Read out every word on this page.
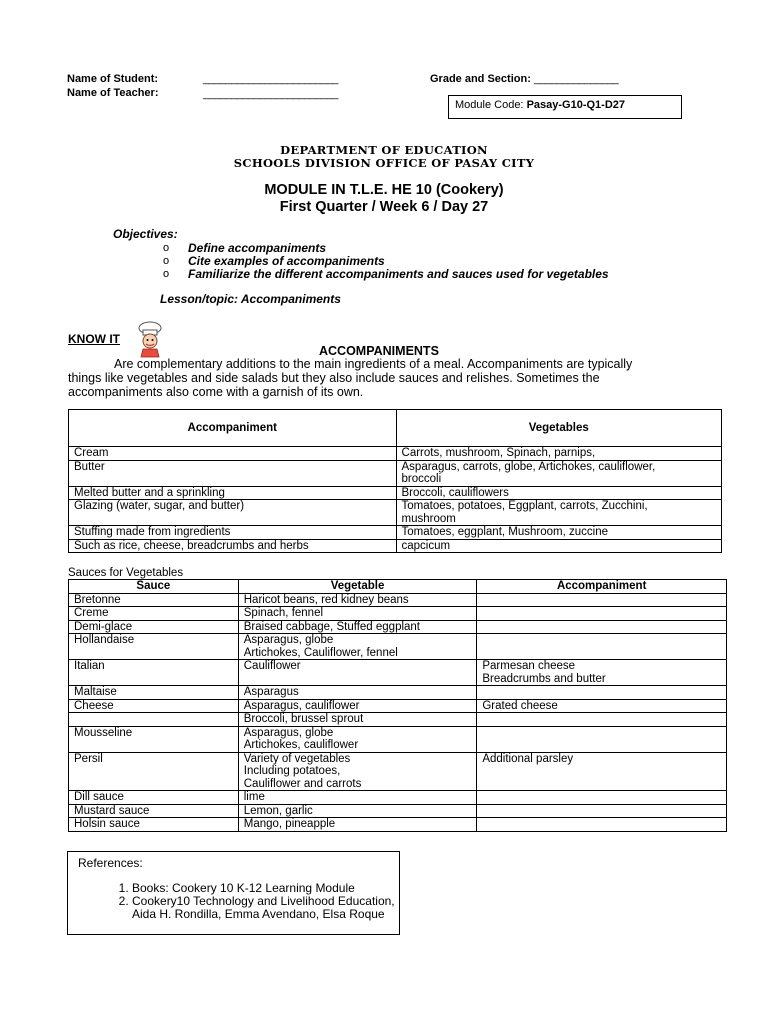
Name of Student:	________________________
Name of Teacher:	________________________
Grade and Section: _______________
Module Code: Pasay-G10-Q1-D27
DEPARTMENT OF EDUCATION
SCHOOLS DIVISION OFFICE OF PASAY CITY
MODULE IN T.L.E. HE 10 (Cookery)
First Quarter / Week 6 / Day 27
Objectives:
o Define accompaniments
o Cite examples of accompaniments
o Familiarize the different accompaniments and sauces used for vegetables
Lesson/topic: Accompaniments
KNOW IT
ACCOMPANIMENTS
Are complementary additions to the main ingredients of a meal. Accompaniments are typically
things like vegetables and side salads but they also include sauces and relishes. Sometimes the
accompaniments also come with a garnish of its own.
Accompaniment	Vegetables
Cream	Carrots, mushroom, Spinach, parnips,
Butter	Asparagus, carrots, globe, Artichokes, cauliflower,
broccoli
Melted butter and a sprinkling	Broccoli, cauliflowers
Glazing (water, sugar, and butter)	Tomatoes, potatoes, Eggplant, carrots, Zucchini,
mushroom
Stuffing made from ingredients	Tomatoes, eggplant, Mushroom, zuccine
Such as rice, cheese, breadcrumbs and herbs	capcicum
Sauces for Vegetables
Sauce	Vegetable	Accompaniment
Bretonne	Haricot beans, red kidney beans	
Creme	Spinach, fennel	
Demi-glace	Braised cabbage, Stuffed eggplant	
Hollandaise	Asparagus, globe
Artichokes, Cauliflower, fennel	
Italian	Cauliflower	Parmesan cheese
Breadcrumbs and butter
Maltaise	Asparagus	
Cheese	Asparagus, cauliflower	Grated cheese
	Broccoli, brussel sprout	
Mousseline	Asparagus, globe
Artichokes, cauliflower	
Persil	Variety of vegetables
Including potatoes,
Cauliflower and carrots	Additional parsley
Dill sauce	lime	
Mustard sauce	Lemon, garlic	
Holsin sauce	Mango, pineapple	
References:
1. Books: Cookery 10 K-12 Learning Module
2. Cookery10 Technology and Livelihood Education, Aida H. Rondilla, Emma Avendano, Elsa Roque
